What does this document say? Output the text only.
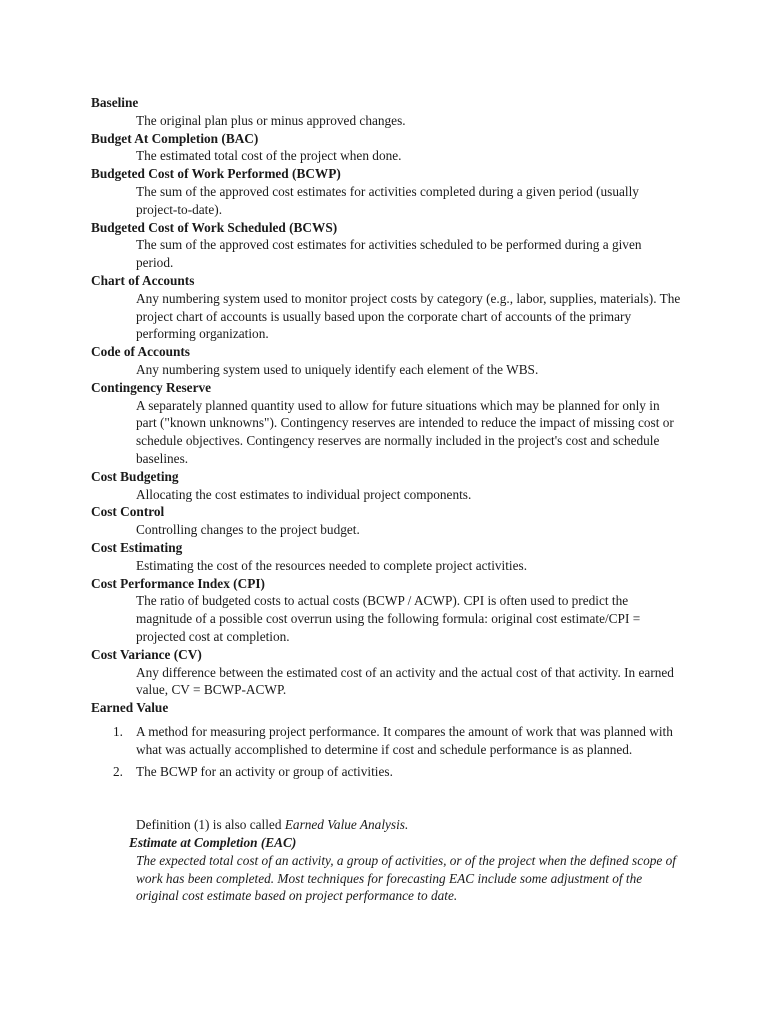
Baseline

The original plan plus or minus approved changes.

Budget At Completion (BAC)

The estimated total cost of the project when done.

Budgeted Cost of Work Performed (BCWP)

The sum of the approved cost estimates for activities completed during a given period (usually project-to-date).

Budgeted Cost of Work Scheduled (BCWS)

The sum of the approved cost estimates for activities scheduled to be performed during a given period.

Chart of Accounts

Any numbering system used to monitor project costs by category (e.g., labor, supplies, materials). The project chart of accounts is usually based upon the corporate chart of accounts of the primary performing organization.

Code of Accounts

Any numbering system used to uniquely identify each element of the WBS.

Contingency Reserve

A separately planned quantity used to allow for future situations which may be planned for only in part ("known unknowns"). Contingency reserves are intended to reduce the impact of missing cost or schedule objectives. Contingency reserves are normally included in the project's cost and schedule baselines.

Cost Budgeting

Allocating the cost estimates to individual project components.

Cost Control

Controlling changes to the project budget.

Cost Estimating

Estimating the cost of the resources needed to complete project activities.

Cost Performance Index (CPI)

The ratio of budgeted costs to actual costs (BCWP / ACWP). CPI is often used to predict the magnitude of a possible cost overrun using the following formula: original cost estimate/CPI = projected cost at completion.

Cost Variance (CV)

Any difference between the estimated cost of an activity and the actual cost of that activity. In earned value, CV = BCWP-ACWP.

Earned Value

1. A method for measuring project performance. It compares the amount of work that was planned with what was actually accomplished to determine if cost and schedule performance is as planned.
2. The BCWP for an activity or group of activities.

Definition (1) is also called Earned Value Analysis.

Estimate at Completion (EAC)

The expected total cost of an activity, a group of activities, or of the project when the defined scope of work has been completed. Most techniques for forecasting EAC include some adjustment of the original cost estimate based on project performance to date.
